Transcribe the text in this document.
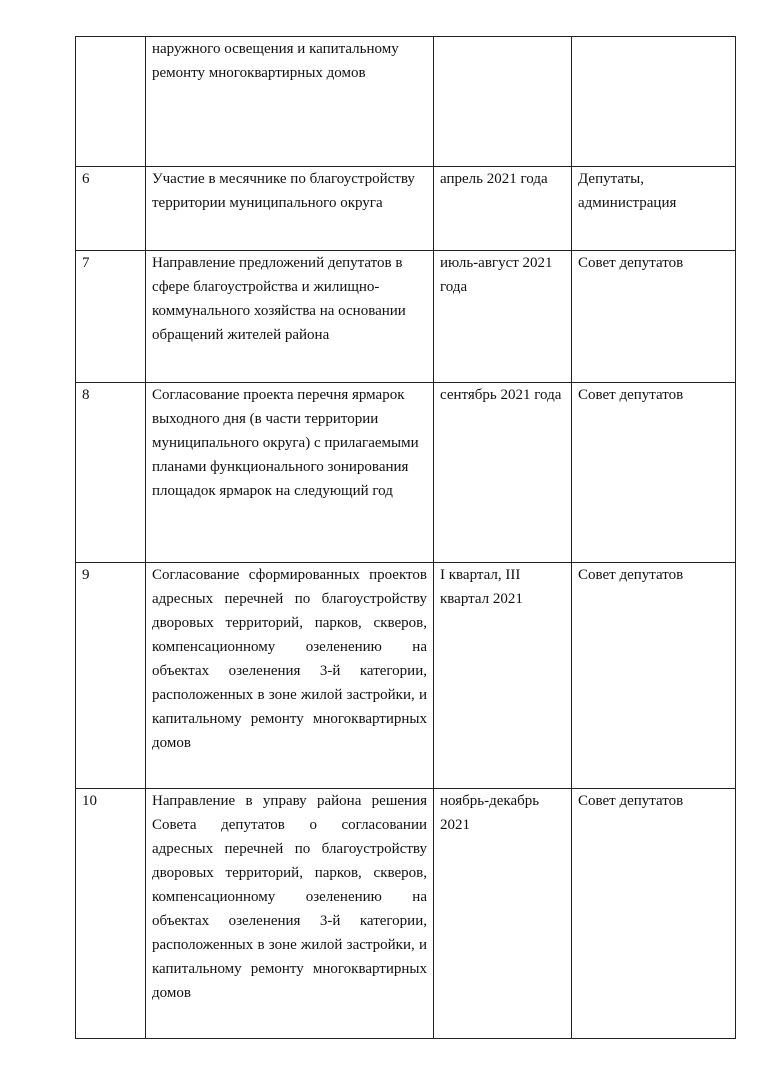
	наружного освещения и капитальному ремонту многоквартирных домов		
6	Участие в месячнике по благоустройству территории муниципального округа	апрель 2021 года	Депутаты, администрация
7	Направление предложений депутатов в сфере благоустройства и жилищно- коммунального хозяйства на основании обращений жителей района	июль-август 2021 года	Совет депутатов
8	Согласование проекта перечня ярмарок выходного дня (в части территории муниципального округа) с прилагаемыми планами функционального зонирования площадок ярмарок на следующий год	сентябрь 2021 года	Совет депутатов
9	Согласование сформированных проектов адресных перечней по благоустройству дворовых территорий, парков, скверов, компенсационному озеленению на объектах озеленения 3-й категории, расположенных в зоне жилой застройки, и капитальному ремонту многоквартирных домов	I квартал, III квартал 2021	Совет депутатов
10	Направление в управу района решения Совета депутатов о согласовании адресных перечней по благоустройству дворовых территорий, парков, скверов, компенсационному озеленению на объектах озеленения 3-й категории, расположенных в зоне жилой застройки, и капитальному ремонту многоквартирных домов	ноябрь-декабрь 2021	Совет депутатов
